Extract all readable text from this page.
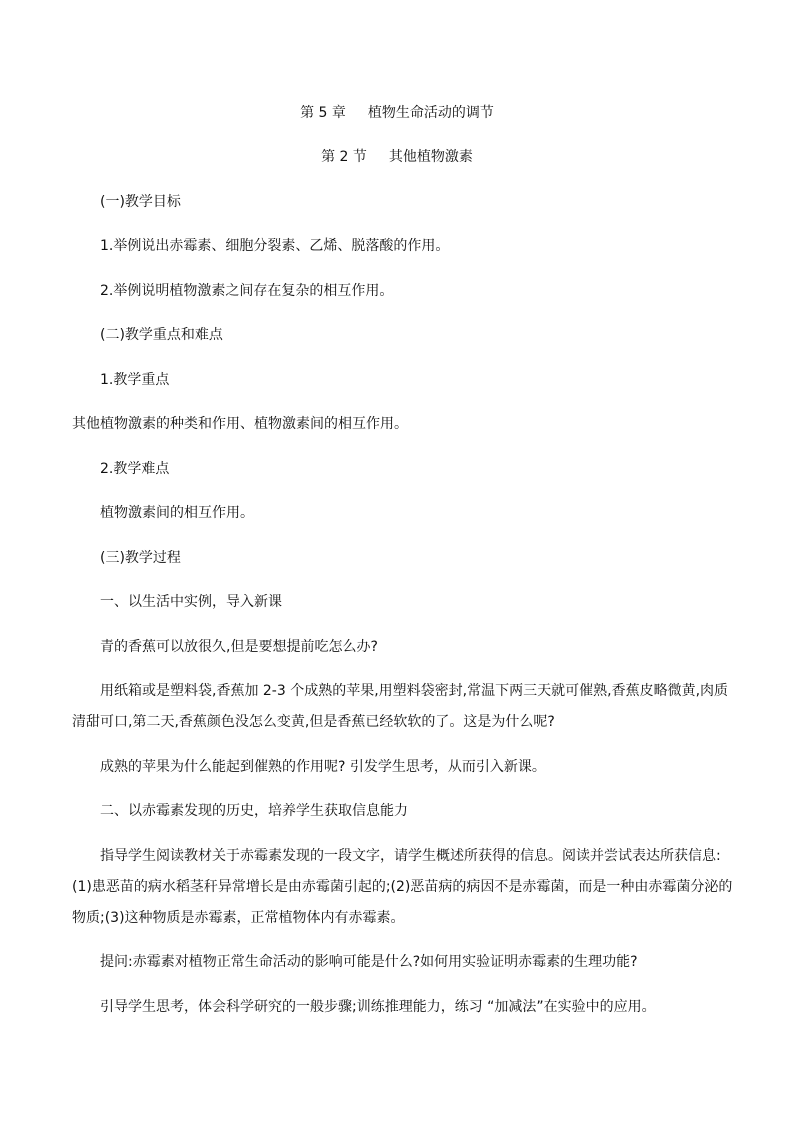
第 5 章 植物生命活动的调节
第 2 节 其他植物激素
(一)教学目标
1.举例说出赤霉素、细胞分裂素、乙烯、脱落酸的作用。
2.举例说明植物激素之间存在复杂的相互作用。
(二)教学重点和难点
1.教学重点
其他植物激素的种类和作用、植物激素间的相互作用。
2.教学难点
植物激素间的相互作用。
(三)教学过程
一、以生活中实例，导入新课
青的香蕉可以放很久,但是要想提前吃怎么办?
用纸箱或是塑料袋,香蕉加 2-3 个成熟的苹果,用塑料袋密封,常温下两三天就可催熟,香蕉皮略微黄,肉质
清甜可口,第二天,香蕉颜色没怎么变黄,但是香蕉已经软软的了。这是为什么呢?
成熟的苹果为什么能起到催熟的作用呢? 引发学生思考，从而引入新课。
二、以赤霉素发现的历史，培养学生获取信息能力
指导学生阅读教材关于赤霉素发现的一段文字，请学生概述所获得的信息。阅读并尝试表达所获信息:
(1)患恶苗的病水稻茎秆异常增长是由赤霉菌引起的;(2)恶苗病的病因不是赤霉菌，而是一种由赤霉菌分泌的
物质;(3)这种物质是赤霉素，正常植物体内有赤霉素。
提问:赤霉素对植物正常生命活动的影响可能是什么?如何用实验证明赤霉素的生理功能?
引导学生思考，体会科学研究的一般步骤;训练推理能力，练习 “加减法”在实验中的应用。
